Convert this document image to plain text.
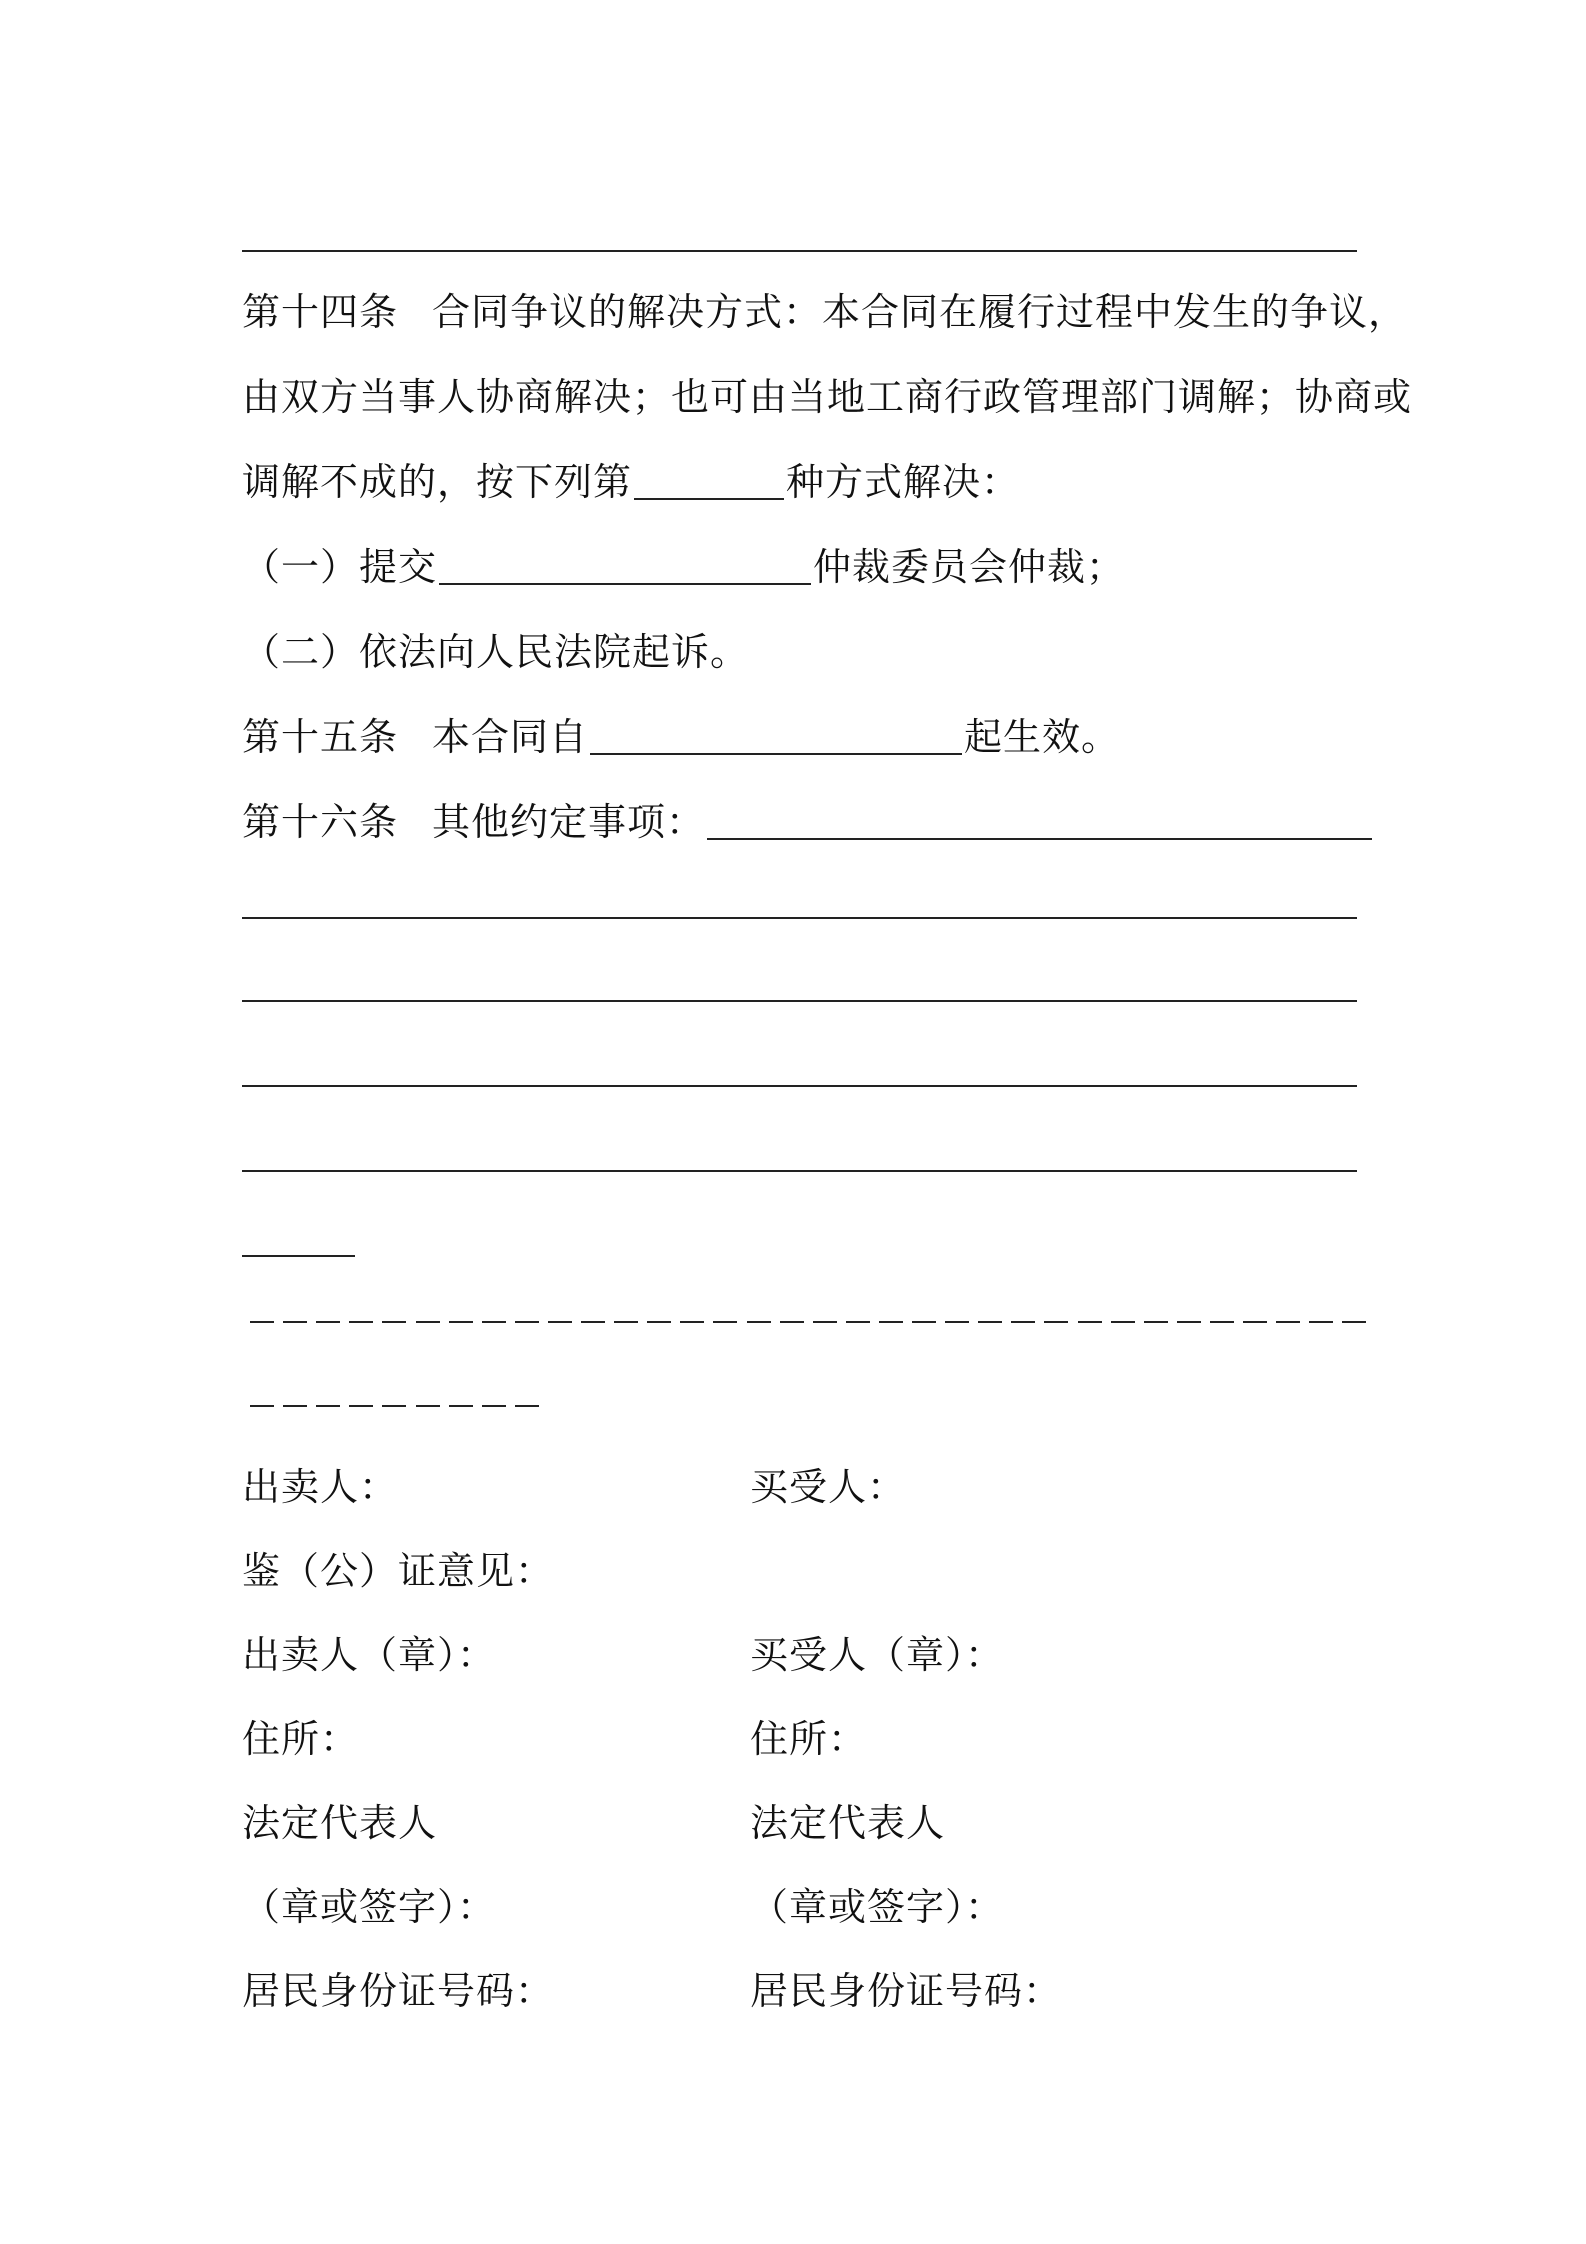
第十四条 合同争议的解决方式：本合同在履行过程中发生的争议，
由双方当事人协商解决；也可由当地工商行政管理部门调解；协商或
调解不成的，按下列第	种方式解决：
（一）提交	仲裁委员会仲裁；
（二）依法向人民法院起诉。
第十五条 本合同自	起生效。
第十六条 其他约定事项：
出卖人：	买受人：
鉴（公）证意见：
出卖人（章）：	买受人（章）：
住所：	住所：
法定代表人	法定代表人
（章或签字）：	（章或签字）：
居民身份证号码：	居民身份证号码：
